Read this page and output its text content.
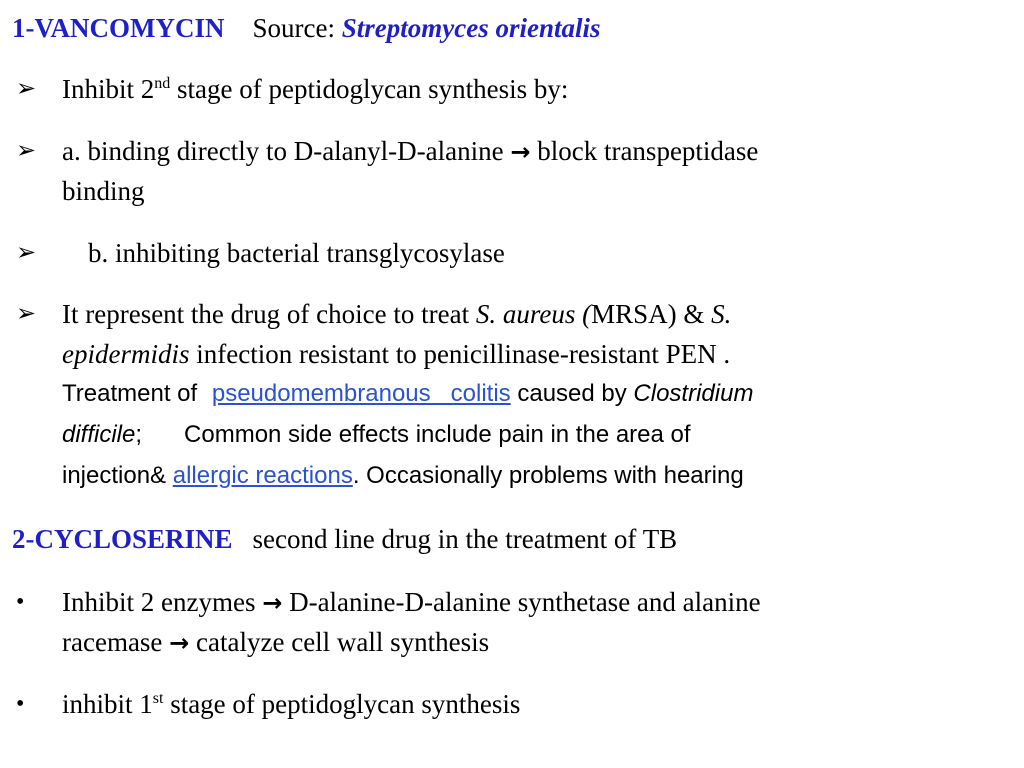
1-VANCOMYCIN Source: Streptomyces orientalis
➢ Inhibit 2nd stage of peptidoglycan synthesis by:
➢ a. binding directly to D-alanyl-D-alanine → block transpeptidase
binding
➢ b. inhibiting bacterial transglycosylase
➢ It represent the drug of choice to treat S. aureus (MRSA) & S.
epidermidis infection resistant to penicillinase-resistant PEN .
Treatment of pseudomembranous   colitis caused by Clostridium
difficile; Common side effects include pain in the area of
injection& allergic reactions. Occasionally problems with hearing
2-CYCLOSERINE second line drug in the treatment of TB
• Inhibit 2 enzymes → D-alanine-D-alanine synthetase and alanine
racemase → catalyze cell wall synthesis
• inhibit 1st stage of peptidoglycan synthesis
